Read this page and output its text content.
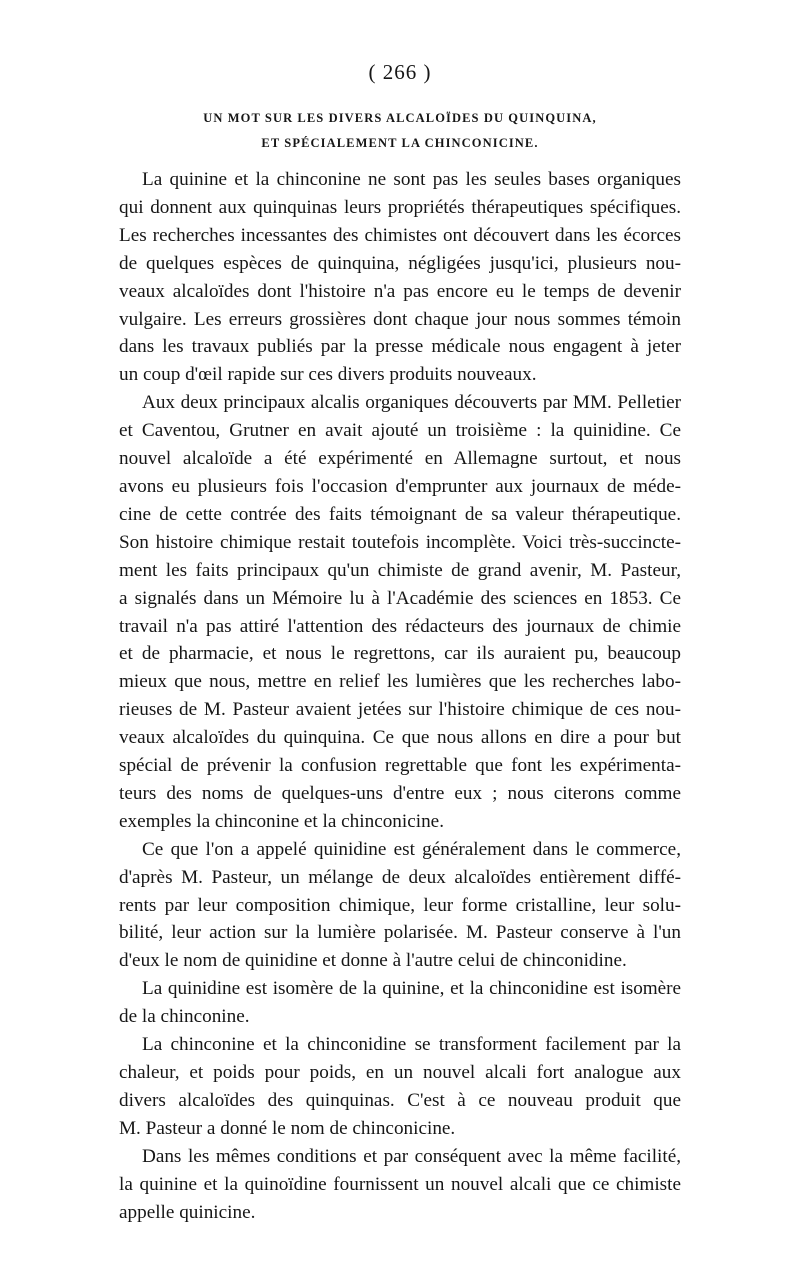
( 266 )
UN MOT SUR LES DIVERS ALCALOÏDES DU QUINQUINA,
ET SPÉCIALEMENT LA CHINCONICINE.

La quinine et la chinconine ne sont pas les seules bases organiques
qui donnent aux quinquinas leurs propriétés thérapeutiques spécifiques.
Les recherches incessantes des chimistes ont découvert dans les écorces
de quelques espèces de quinquina, négligées jusqu'ici, plusieurs nou-
veaux alcaloïdes dont l'histoire n'a pas encore eu le temps de devenir
vulgaire. Les erreurs grossières dont chaque jour nous sommes témoin
dans les travaux publiés par la presse médicale nous engagent à jeter
un coup d'œil rapide sur ces divers produits nouveaux.

Aux deux principaux alcalis organiques découverts par MM. Pelletier
et Caventou, Grutner en avait ajouté un troisième : la quinidine. Ce
nouvel alcaloïde a été expérimenté en Allemagne surtout, et nous
avons eu plusieurs fois l'occasion d'emprunter aux journaux de méde-
cine de cette contrée des faits témoignant de sa valeur thérapeutique.
Son histoire chimique restait toutefois incomplète. Voici très-succincte-
ment les faits principaux qu'un chimiste de grand avenir, M. Pasteur,
a signalés dans un Mémoire lu à l'Académie des sciences en 1853. Ce
travail n'a pas attiré l'attention des rédacteurs des journaux de chimie
et de pharmacie, et nous le regrettons, car ils auraient pu, beaucoup
mieux que nous, mettre en relief les lumières que les recherches labo-
rieuses de M. Pasteur avaient jetées sur l'histoire chimique de ces nou-
veaux alcaloïdes du quinquina. Ce que nous allons en dire a pour but
spécial de prévenir la confusion regrettable que font les expérimenta-
teurs des noms de quelques-uns d'entre eux ; nous citerons comme
exemples la chinconine et la chinconicine.

Ce que l'on a appelé quinidine est généralement dans le commerce,
d'après M. Pasteur, un mélange de deux alcaloïdes entièrement diffé-
rents par leur composition chimique, leur forme cristalline, leur solu-
bilité, leur action sur la lumière polarisée. M. Pasteur conserve à l'un
d'eux le nom de quinidine et donne à l'autre celui de chinconidine.

La quinidine est isomère de la quinine, et la chinconidine est isomère
de la chinconine.

La chinconine et la chinconidine se transforment facilement par la
chaleur, et poids pour poids, en un nouvel alcali fort analogue aux
divers alcaloïdes des quinquinas. C'est à ce nouveau produit que
M. Pasteur a donné le nom de chinconicine.

Dans les mêmes conditions et par conséquent avec la même facilité,
la quinine et la quinoïdine fournissent un nouvel alcali que ce chimiste
appelle quinicine.
